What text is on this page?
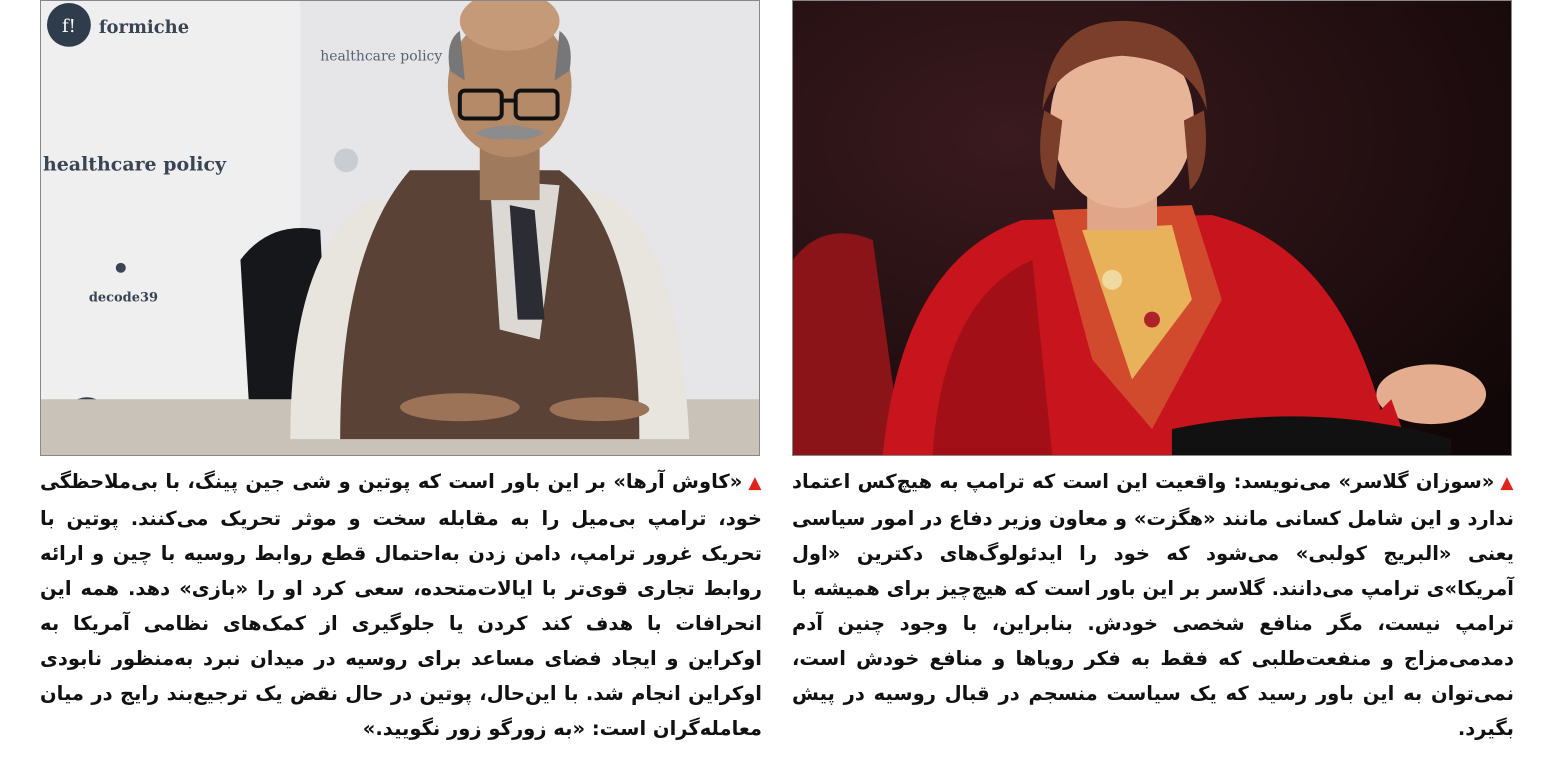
f! formiche
healthcare policy
healthcare policy
decode39

▲«کاوش آرها» بر این باور است که پوتین و شی جین پینگ، با بی‌ملاحظگی خود، ترامپ بی‌میل را به مقابله سخت و موثر تحریک می‌کنند. پوتین با تحریک غرور ترامپ، دامن زدن به‌احتمال قطع روابط روسیه با چین و ارائه روابط تجاری قوی‌تر با ایالات‌متحده، سعی کرد او را «بازی» دهد. همه این انحرافات با هدف کند کردن یا جلوگیری از کمک‌های نظامی آمریکا به اوکراین و ایجاد فضای مساعد برای روسیه در میدان نبرد به‌منظور نابودی اوکراین انجام شد. با این‌حال، پوتین در حال نقض یک ترجیع‌بند رایج در میان معامله‌گران است: «به زورگو زور نگویید.»

▲«سوزان گلاسر» می‌نویسد: واقعیت این است که ترامپ به هیچ‌کس اعتماد ندارد و این شامل کسانی مانند «هگزت» و معاون وزیر دفاع در امور سیاسی یعنی «البریج کولبی» می‌شود که خود را ایدئولوگ‌های دکترین «اول آمریکا»ی ترامپ می‌دانند. گلاسر بر این باور است که هیچ‌چیز برای همیشه با ترامپ نیست، مگر منافع شخصی خودش. بنابراین، با وجود چنین آدم دمدمی‌مزاج و منفعت‌طلبی که فقط به فکر رویاها و منافع خودش است، نمی‌توان به این باور رسید که یک سیاست منسجم در قبال روسیه در پیش بگیرد.
